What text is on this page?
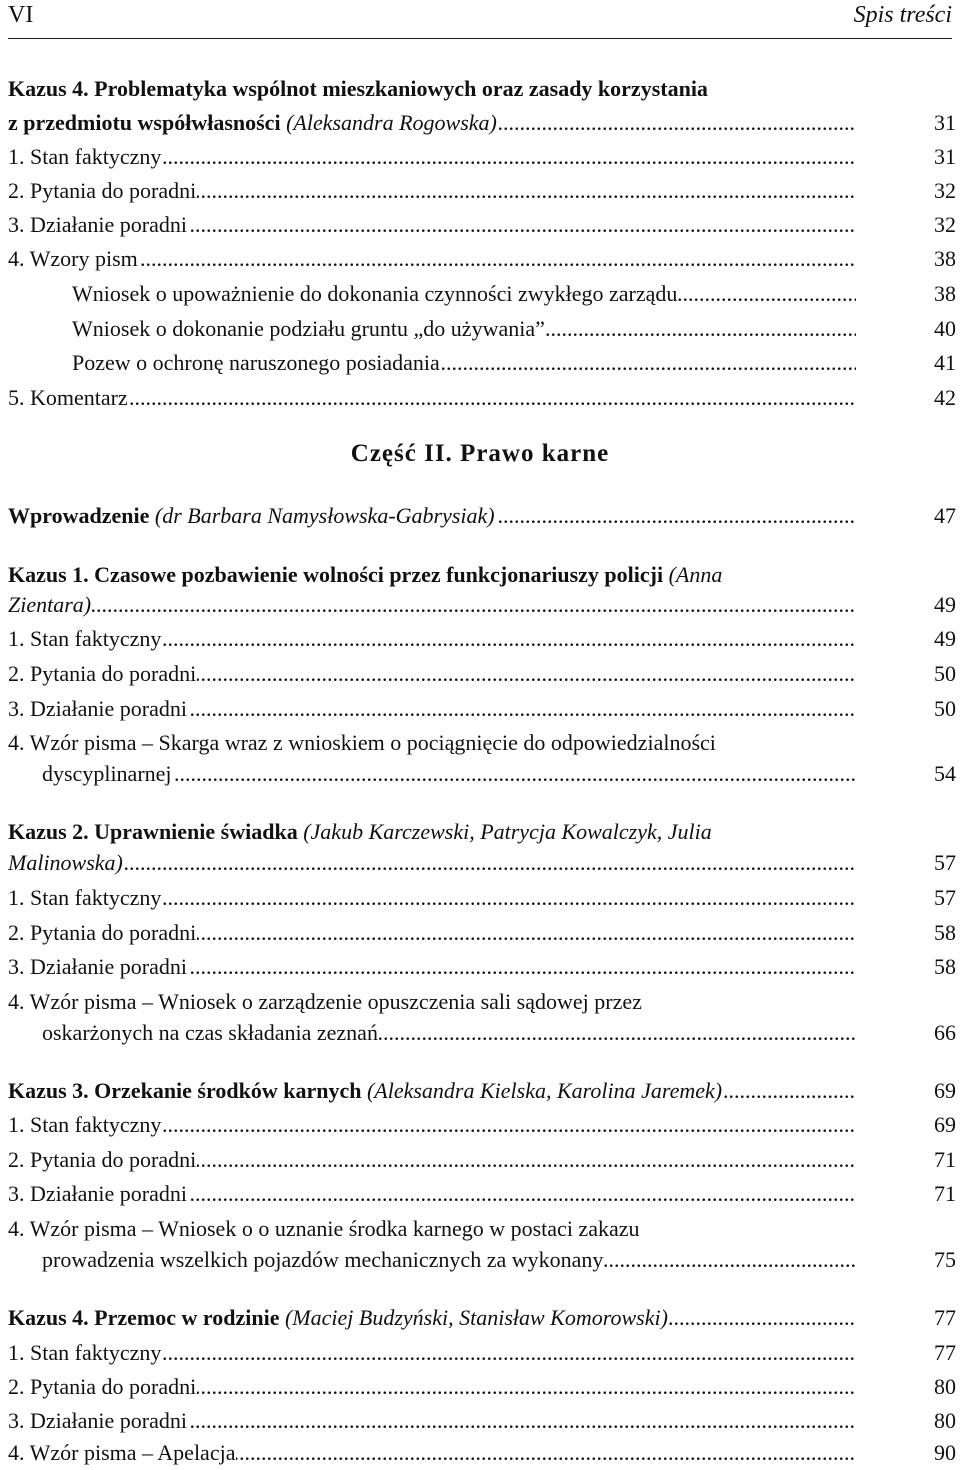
VI	Spis treści
Kazus 4. Problematyka wspólnot mieszkaniowych oraz zasady korzystania
z przedmiotu współwłasności (Aleksandra Rogowska)	31
1. Stan faktyczny	31
2. Pytania do poradni	32
3. Działanie poradni	32
4. Wzory pism	38
Wniosek o upoważnienie do dokonania czynności zwykłego zarządu	38
Wniosek o dokonanie podziału gruntu „do używania”	40
Pozew o ochronę naruszonego posiadania	41
5. Komentarz	42
Część II. Prawo karne
Wprowadzenie (dr Barbara Namysłowska-Gabrysiak)	47
Kazus 1. Czasowe pozbawienie wolności przez funkcjonariuszy policji (Anna
Zientara)	49
1. Stan faktyczny	49
2. Pytania do poradni	50
3. Działanie poradni	50
4. Wzór pisma – Skarga wraz z wnioskiem o pociągnięcie do odpowiedzialności
dyscyplinarnej	54
Kazus 2. Uprawnienie świadka (Jakub Karczewski, Patrycja Kowalczyk, Julia
Malinowska)	57
1. Stan faktyczny	57
2. Pytania do poradni	58
3. Działanie poradni	58
4. Wzór pisma – Wniosek o zarządzenie opuszczenia sali sądowej przez
oskarżonych na czas składania zeznań	66
Kazus 3. Orzekanie środków karnych (Aleksandra Kielska, Karolina Jaremek)	69
1. Stan faktyczny	69
2. Pytania do poradni	71
3. Działanie poradni	71
4. Wzór pisma – Wniosek o o uznanie środka karnego w postaci zakazu
prowadzenia wszelkich pojazdów mechanicznych za wykonany	75
Kazus 4. Przemoc w rodzinie (Maciej Budzyński, Stanisław Komorowski)	77
1. Stan faktyczny	77
2. Pytania do poradni	80
3. Działanie poradni	80
4. Wzór pisma – Apelacja	90
